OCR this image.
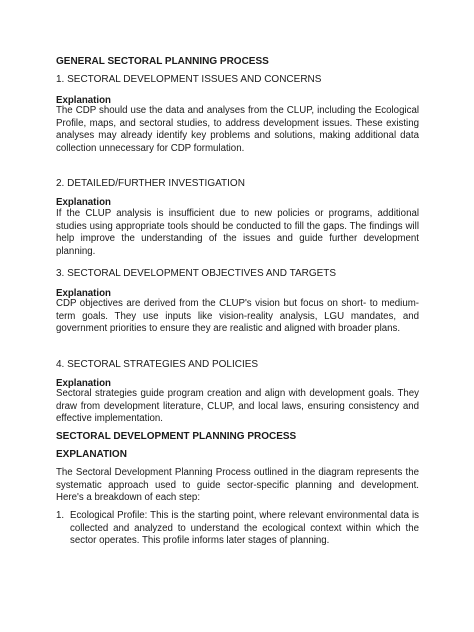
GENERAL SECTORAL PLANNING PROCESS

1. SECTORAL DEVELOPMENT ISSUES AND CONCERNS

Explanation

The CDP should use the data and analyses from the CLUP, including the Ecological Profile, maps, and sectoral studies, to address development issues. These existing analyses may already identify key problems and solutions, making additional data collection unnecessary for CDP formulation.

2. DETAILED/FURTHER INVESTIGATION

Explanation

If the CLUP analysis is insufficient due to new policies or programs, additional studies using appropriate tools should be conducted to fill the gaps. The findings will help improve the understanding of the issues and guide further development planning.

3. SECTORAL DEVELOPMENT OBJECTIVES AND TARGETS

Explanation

CDP objectives are derived from the CLUP's vision but focus on short- to medium-term goals. They use inputs like vision-reality analysis, LGU mandates, and government priorities to ensure they are realistic and aligned with broader plans.

4. SECTORAL STRATEGIES AND POLICIES

Explanation

Sectoral strategies guide program creation and align with development goals. They draw from development literature, CLUP, and local laws, ensuring consistency and effective implementation.

SECTORAL DEVELOPMENT PLANNING PROCESS

EXPLANATION

The Sectoral Development Planning Process outlined in the diagram represents the systematic approach used to guide sector-specific planning and development. Here's a breakdown of each step:

1. Ecological Profile: This is the starting point, where relevant environmental data is collected and analyzed to understand the ecological context within which the sector operates. This profile informs later stages of planning.
